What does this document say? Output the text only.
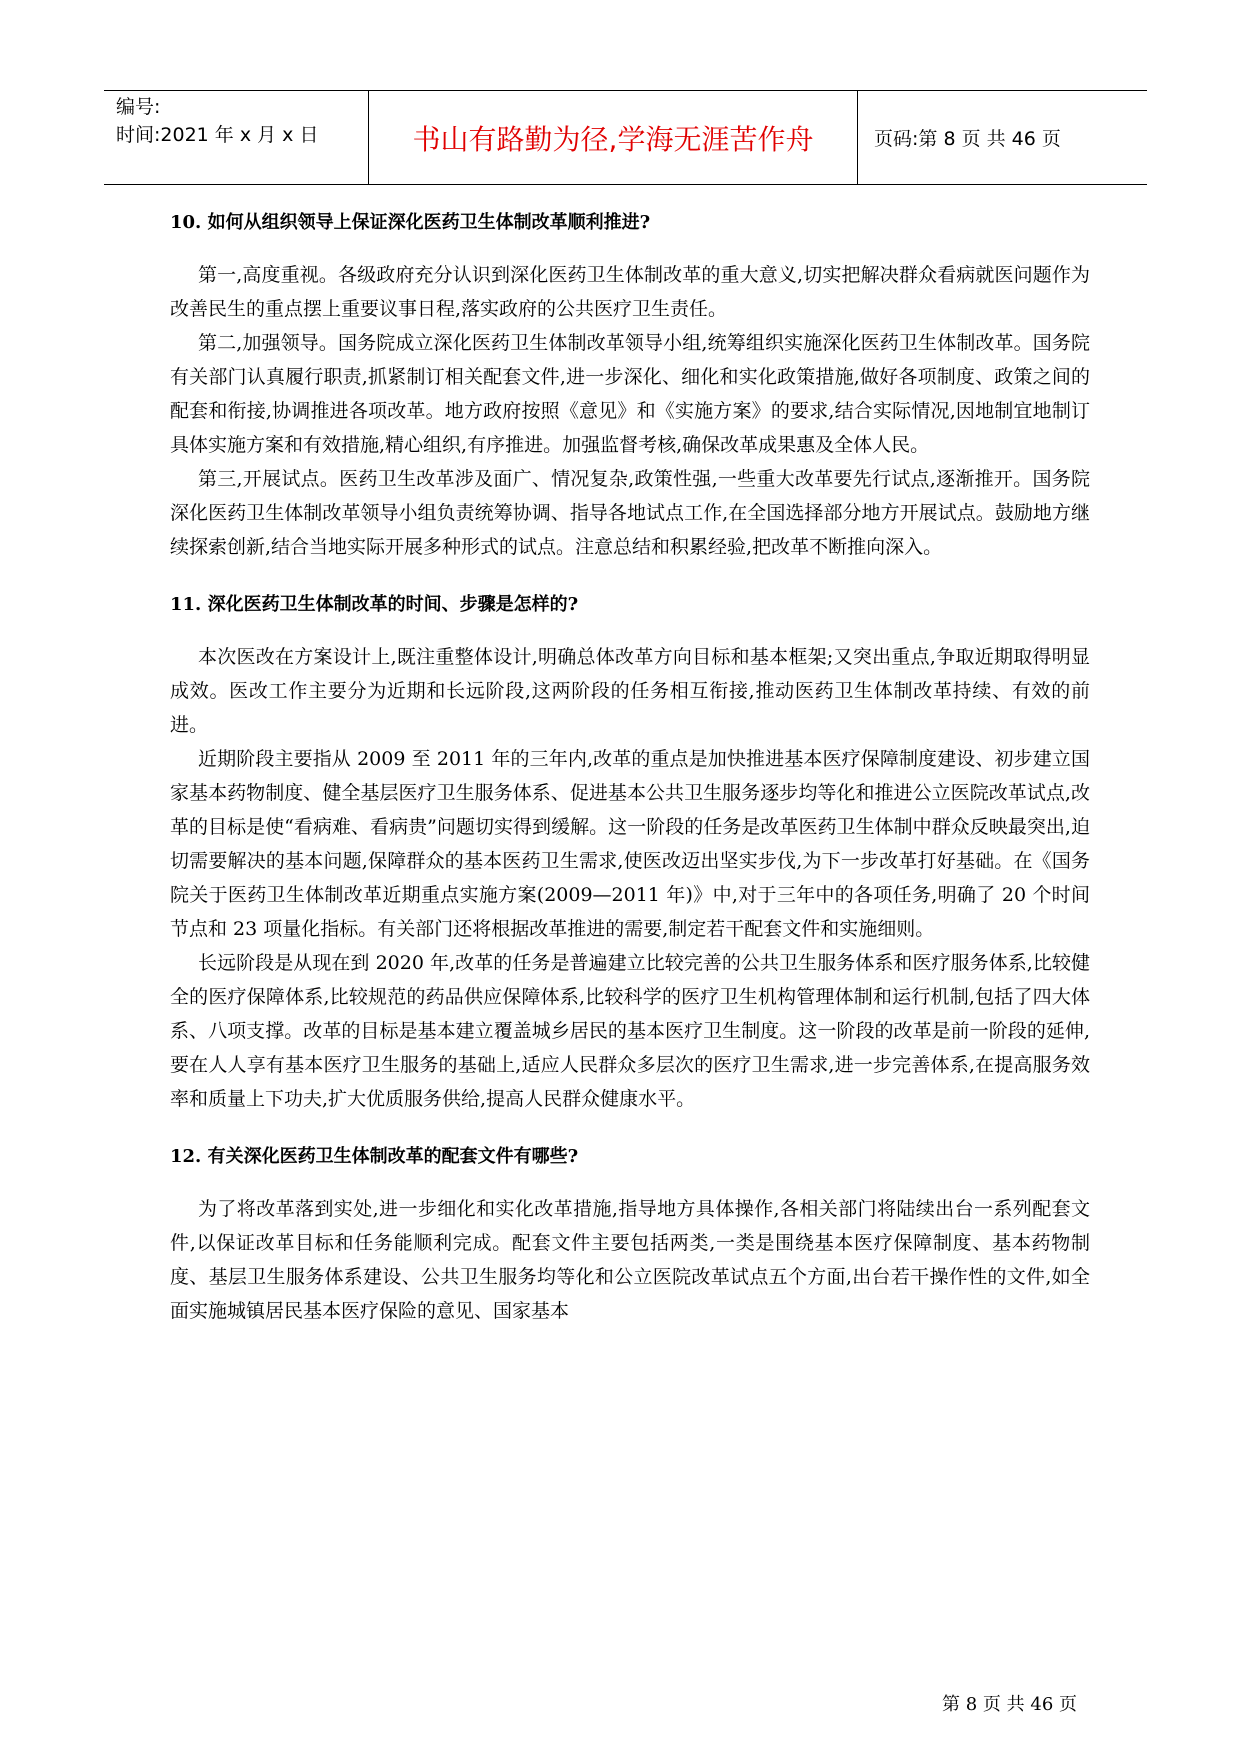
编号:
时间:2021 年 x 月 x 日	书山有路勤为径,学海无涯苦作舟	页码:第 8 页 共 46 页
10. 如何从组织领导上保证深化医药卫生体制改革顺利推进?

第一,高度重视。各级政府充分认识到深化医药卫生体制改革的重大意义,切实把解决群众看病就医问题作为改善民生的重点摆上重要议事日程,落实政府的公共医疗卫生责任。

第二,加强领导。国务院成立深化医药卫生体制改革领导小组,统筹组织实施深化医药卫生体制改革。国务院有关部门认真履行职责,抓紧制订相关配套文件,进一步深化、细化和实化政策措施,做好各项制度、政策之间的配套和衔接,协调推进各项改革。地方政府按照《意见》和《实施方案》的要求,结合实际情况,因地制宜地制订具体实施方案和有效措施,精心组织,有序推进。加强监督考核,确保改革成果惠及全体人民。

第三,开展试点。医药卫生改革涉及面广、情况复杂,政策性强,一些重大改革要先行试点,逐渐推开。国务院深化医药卫生体制改革领导小组负责统筹协调、指导各地试点工作,在全国选择部分地方开展试点。鼓励地方继续探索创新,结合当地实际开展多种形式的试点。注意总结和积累经验,把改革不断推向深入。

11. 深化医药卫生体制改革的时间、步骤是怎样的?

本次医改在方案设计上,既注重整体设计,明确总体改革方向目标和基本框架;又突出重点,争取近期取得明显成效。医改工作主要分为近期和长远阶段,这两阶段的任务相互衔接,推动医药卫生体制改革持续、有效的前进。

近期阶段主要指从 2009 至 2011 年的三年内,改革的重点是加快推进基本医疗保障制度建设、初步建立国家基本药物制度、健全基层医疗卫生服务体系、促进基本公共卫生服务逐步均等化和推进公立医院改革试点,改革的目标是使“看病难、看病贵”问题切实得到缓解。这一阶段的任务是改革医药卫生体制中群众反映最突出,迫切需要解决的基本问题,保障群众的基本医药卫生需求,使医改迈出坚实步伐,为下一步改革打好基础。在《国务院关于医药卫生体制改革近期重点实施方案(2009—2011 年)》中,对于三年中的各项任务,明确了 20 个时间节点和 23 项量化指标。有关部门还将根据改革推进的需要,制定若干配套文件和实施细则。

长远阶段是从现在到 2020 年,改革的任务是普遍建立比较完善的公共卫生服务体系和医疗服务体系,比较健全的医疗保障体系,比较规范的药品供应保障体系,比较科学的医疗卫生机构管理体制和运行机制,包括了四大体系、八项支撑。改革的目标是基本建立覆盖城乡居民的基本医疗卫生制度。这一阶段的改革是前一阶段的延伸,要在人人享有基本医疗卫生服务的基础上,适应人民群众多层次的医疗卫生需求,进一步完善体系,在提高服务效率和质量上下功夫,扩大优质服务供给,提高人民群众健康水平。

12. 有关深化医药卫生体制改革的配套文件有哪些?

为了将改革落到实处,进一步细化和实化改革措施,指导地方具体操作,各相关部门将陆续出台一系列配套文件,以保证改革目标和任务能顺利完成。配套文件主要包括两类,一类是围绕基本医疗保障制度、基本药物制度、基层卫生服务体系建设、公共卫生服务均等化和公立医院改革试点五个方面,出台若干操作性的文件,如全面实施城镇居民基本医疗保险的意见、国家基本

第 8 页 共 46 页
